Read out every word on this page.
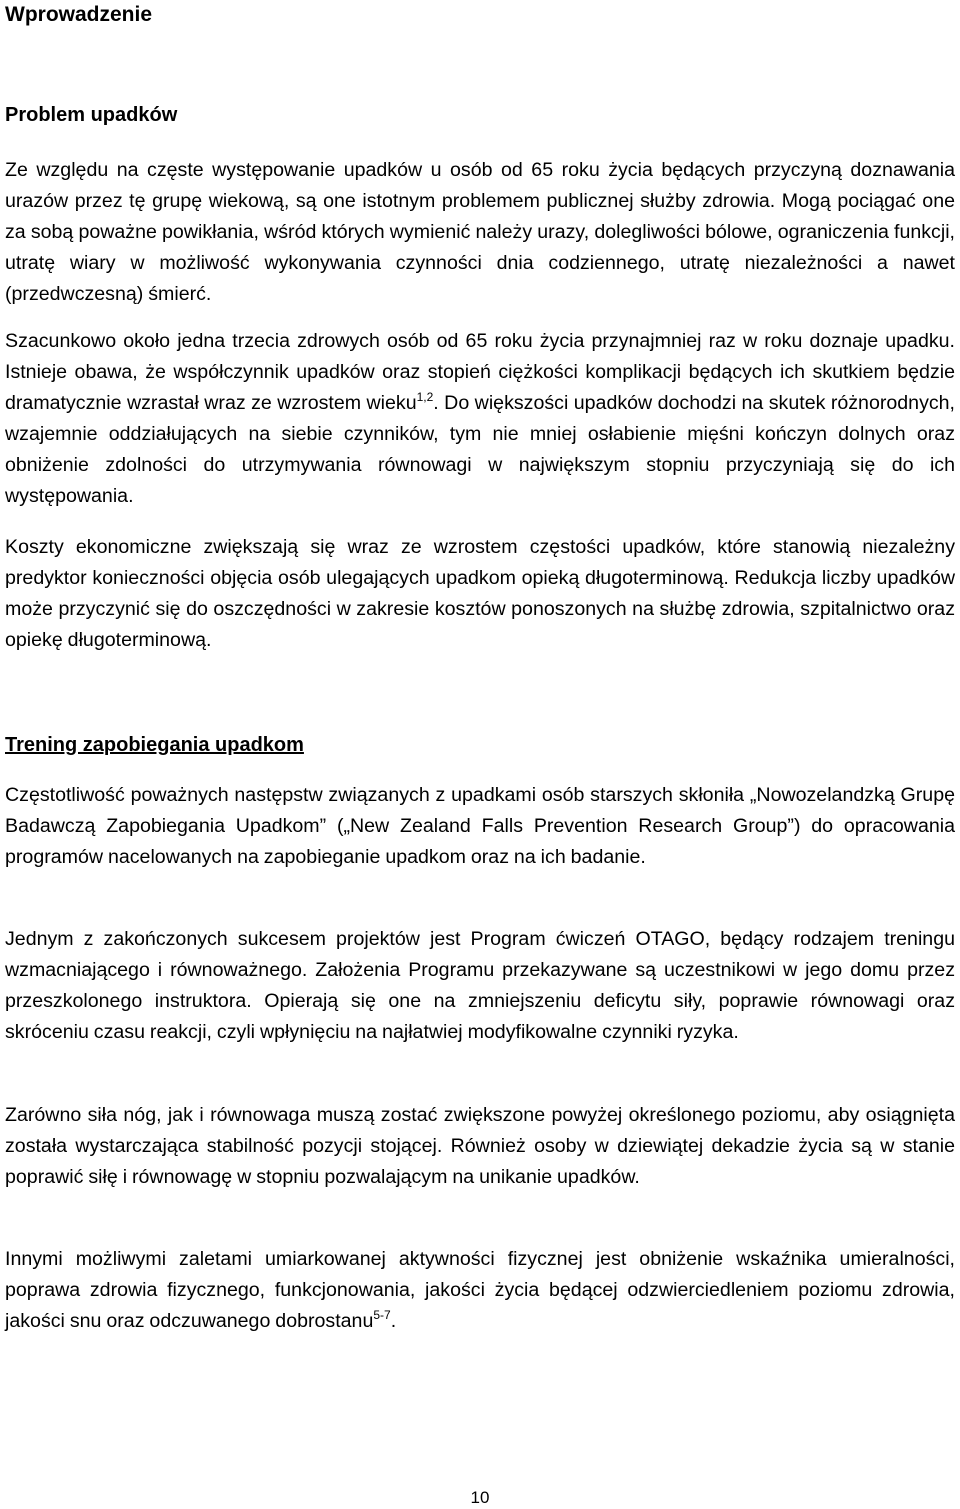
Wprowadzenie
Problem upadków

Ze względu na częste występowanie upadków u osób od 65 roku życia będących przyczyną doznawania urazów przez tę grupę wiekową, są one istotnym problemem publicznej służby zdrowia. Mogą pociągać one za sobą poważne powikłania, wśród których wymienić należy urazy, dolegliwości bólowe, ograniczenia funkcji, utratę wiary w możliwość wykonywania czynności dnia codziennego, utratę niezależności a nawet (przedwczesną) śmierć.

Szacunkowo około jedna trzecia zdrowych osób od 65 roku życia przynajmniej raz w roku doznaje upadku. Istnieje obawa, że współczynnik upadków oraz stopień ciężkości komplikacji będących ich skutkiem będzie dramatycznie wzrastał wraz ze wzrostem wieku$^{1,2}$. Do większości upadków dochodzi na skutek różnorodnych, wzajemnie oddziałujących na siebie czynników, tym nie mniej osłabienie mięśni kończyn dolnych oraz obniżenie zdolności do utrzymywania równowagi w największym stopniu przyczyniają się do ich występowania.

Koszty ekonomiczne zwiększają się wraz ze wzrostem częstości upadków, które stanowią niezależny predyktor konieczności objęcia osób ulegających upadkom opieką długoterminową. Redukcja liczby upadków może przyczynić się do oszczędności w zakresie kosztów ponoszonych na służbę zdrowia, szpitalnictwo oraz opiekę długoterminową.

Trening zapobiegania upadkom

Częstotliwość poważnych następstw związanych z upadkami osób starszych skłoniła „Nowozelandzką Grupę Badawczą Zapobiegania Upadkom” („New Zealand Falls Prevention Research Group”) do opracowania programów nacelowanych na zapobieganie upadkom oraz na ich badanie.

Jednym z zakończonych sukcesem projektów jest Program ćwiczeń OTAGO, będący rodzajem treningu wzmacniającego i równoważnego. Założenia Programu przekazywane są uczestnikowi w jego domu przez przeszkolonego instruktora. Opierają się one na zmniejszeniu deficytu siły, poprawie równowagi oraz skróceniu czasu reakcji, czyli wpłynięciu na najłatwiej modyfikowalne czynniki ryzyka.

Zarówno siła nóg, jak i równowaga muszą zostać zwiększone powyżej określonego poziomu, aby osiągnięta została wystarczająca stabilność pozycji stojącej. Również osoby w dziewiątej dekadzie życia są w stanie poprawić siłę i równowagę w stopniu pozwalającym na unikanie upadków.

Innymi możliwymi zaletami umiarkowanej aktywności fizycznej jest obniżenie wskaźnika umieralności, poprawa zdrowia fizycznego, funkcjonowania, jakości życia będącej odzwierciedleniem poziomu zdrowia, jakości snu oraz odczuwanego dobrostanu$^{5-7}$.

10
